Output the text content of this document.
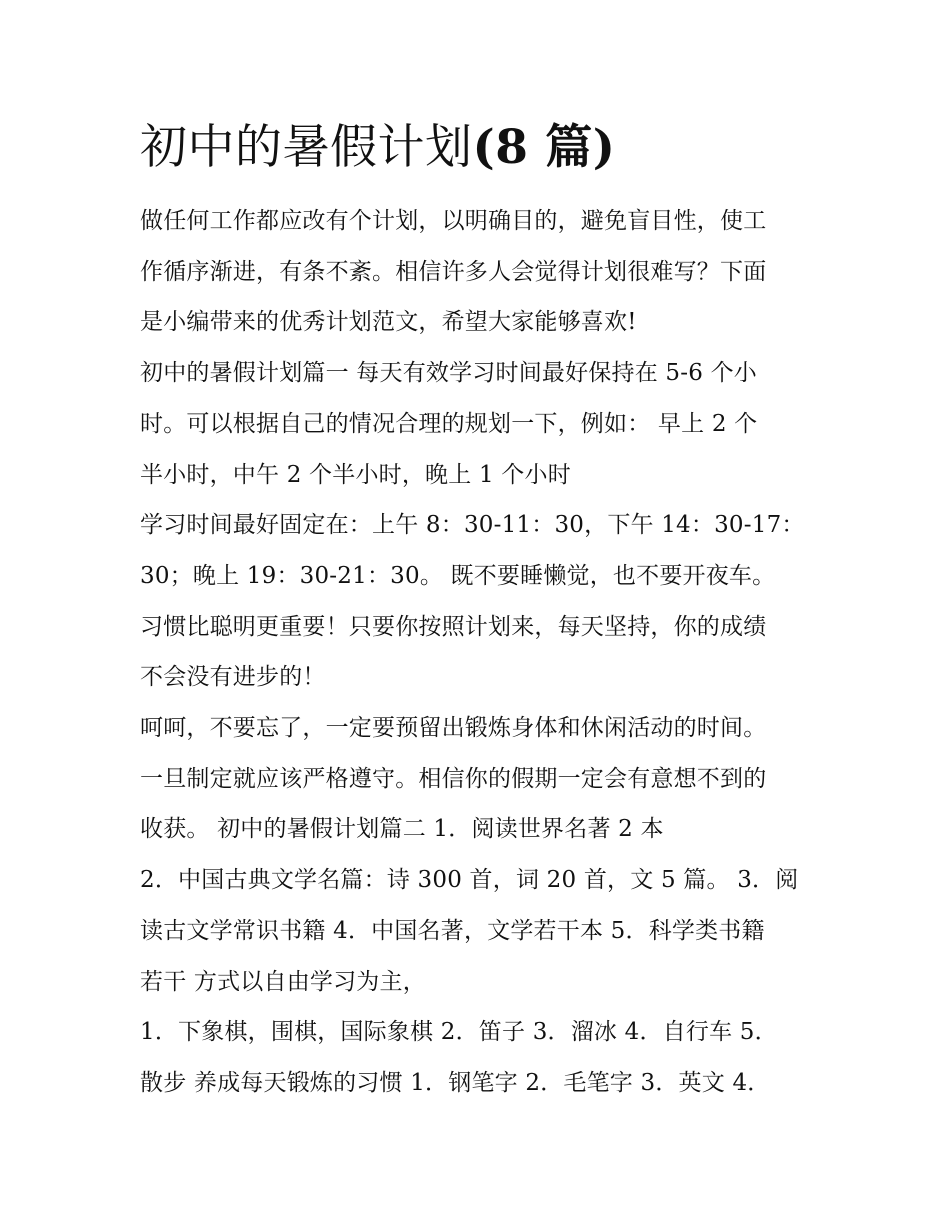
初中的暑假计划(8 篇)

做任何工作都应改有个计划，以明确目的，避免盲目性，使工

作循序渐进，有条不紊。相信许多人会觉得计划很难写？下面

是小编带来的优秀计划范文，希望大家能够喜欢!

初中的暑假计划篇一 每天有效学习时间最好保持在 5-6 个小

时。可以根据自己的情况合理的规划一下，例如： 早上 2 个

半小时，中午 2 个半小时，晚上 1 个小时

学习时间最好固定在：上午 8：30-11：30，下午 14：30-17：

30；晚上 19：30-21：30。 既不要睡懒觉，也不要开夜车。

习惯比聪明更重要！只要你按照计划来，每天坚持，你的成绩

不会没有进步的！

呵呵，不要忘了，一定要预留出锻炼身体和休闲活动的时间。

一旦制定就应该严格遵守。相信你的假期一定会有意想不到的

收获。 初中的暑假计划篇二 1．阅读世界名著 2 本

2．中国古典文学名篇：诗 300 首，词 20 首，文 5 篇。 3．阅

读古文学常识书籍 4．中国名著，文学若干本 5．科学类书籍

若干 方式以自由学习为主，

1．下象棋，围棋，国际象棋 2．笛子 3．溜冰 4．自行车 5．

散步 养成每天锻炼的习惯 1．钢笔字 2．毛笔字 3．英文 4．
